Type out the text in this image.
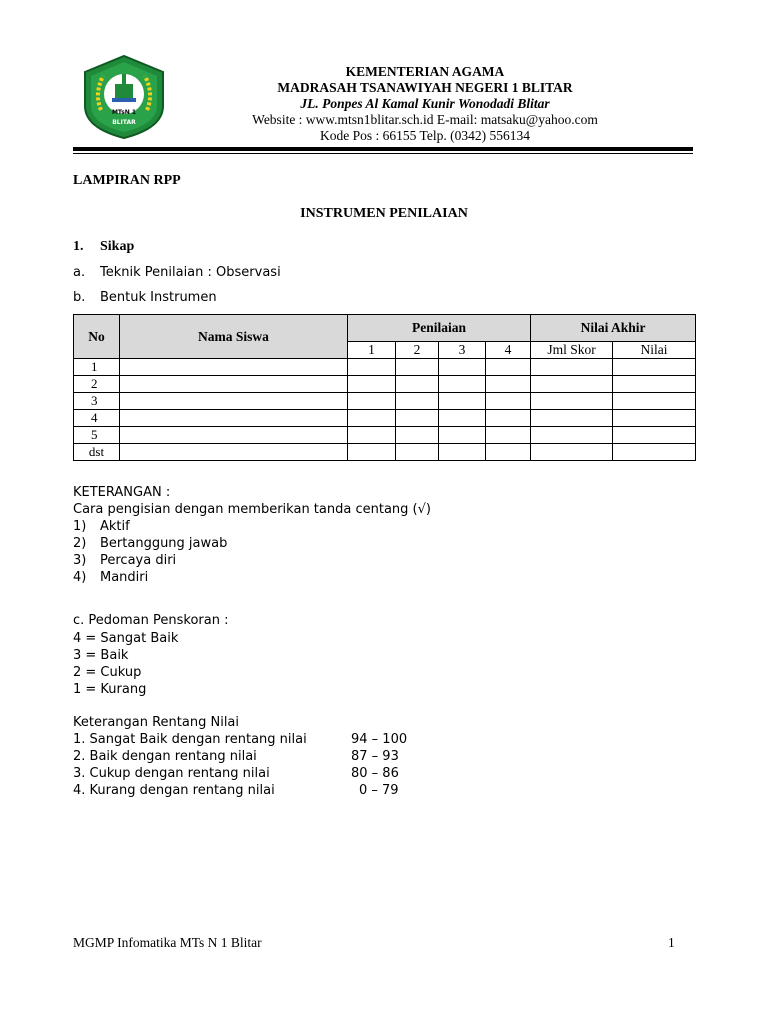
MTsN 1
BLITAR
KEMENTERIAN AGAMA
MADRASAH TSANAWIYAH NEGERI 1 BLITAR
JL. Ponpes Al Kamal Kunir Wonodadi Blitar
Website : www.mtsn1blitar.sch.id E-mail: matsaku@yahoo.com
Kode Pos : 66155 Telp. (0342) 556134
LAMPIRAN RPP
INSTRUMEN PENILAIAN
1. Sikap
a. Teknik Penilaian : Observasi
b. Bentuk Instrumen
No	Nama Siswa	Penilaian				Nilai Akhir	
		1	2	3	4	Jml Skor	Nilai
1							
2							
3							
4							
5							
dst							
KETERANGAN :
Cara pengisian dengan memberikan tanda centang (√)
1) Aktif
2) Bertanggung jawab
3) Percaya diri
4) Mandiri
c. Pedoman Penskoran :
4 = Sangat Baik
3 = Baik
2 = Cukup
1 = Kurang
Keterangan Rentang Nilai
1. Sangat Baik dengan rentang nilai	94 – 100
2. Baik dengan rentang nilai	87 – 93
3. Cukup dengan rentang nilai	80 – 86
4. Kurang dengan rentang nilai	0 – 79
MGMP Infomatika MTs N 1 Blitar	1
